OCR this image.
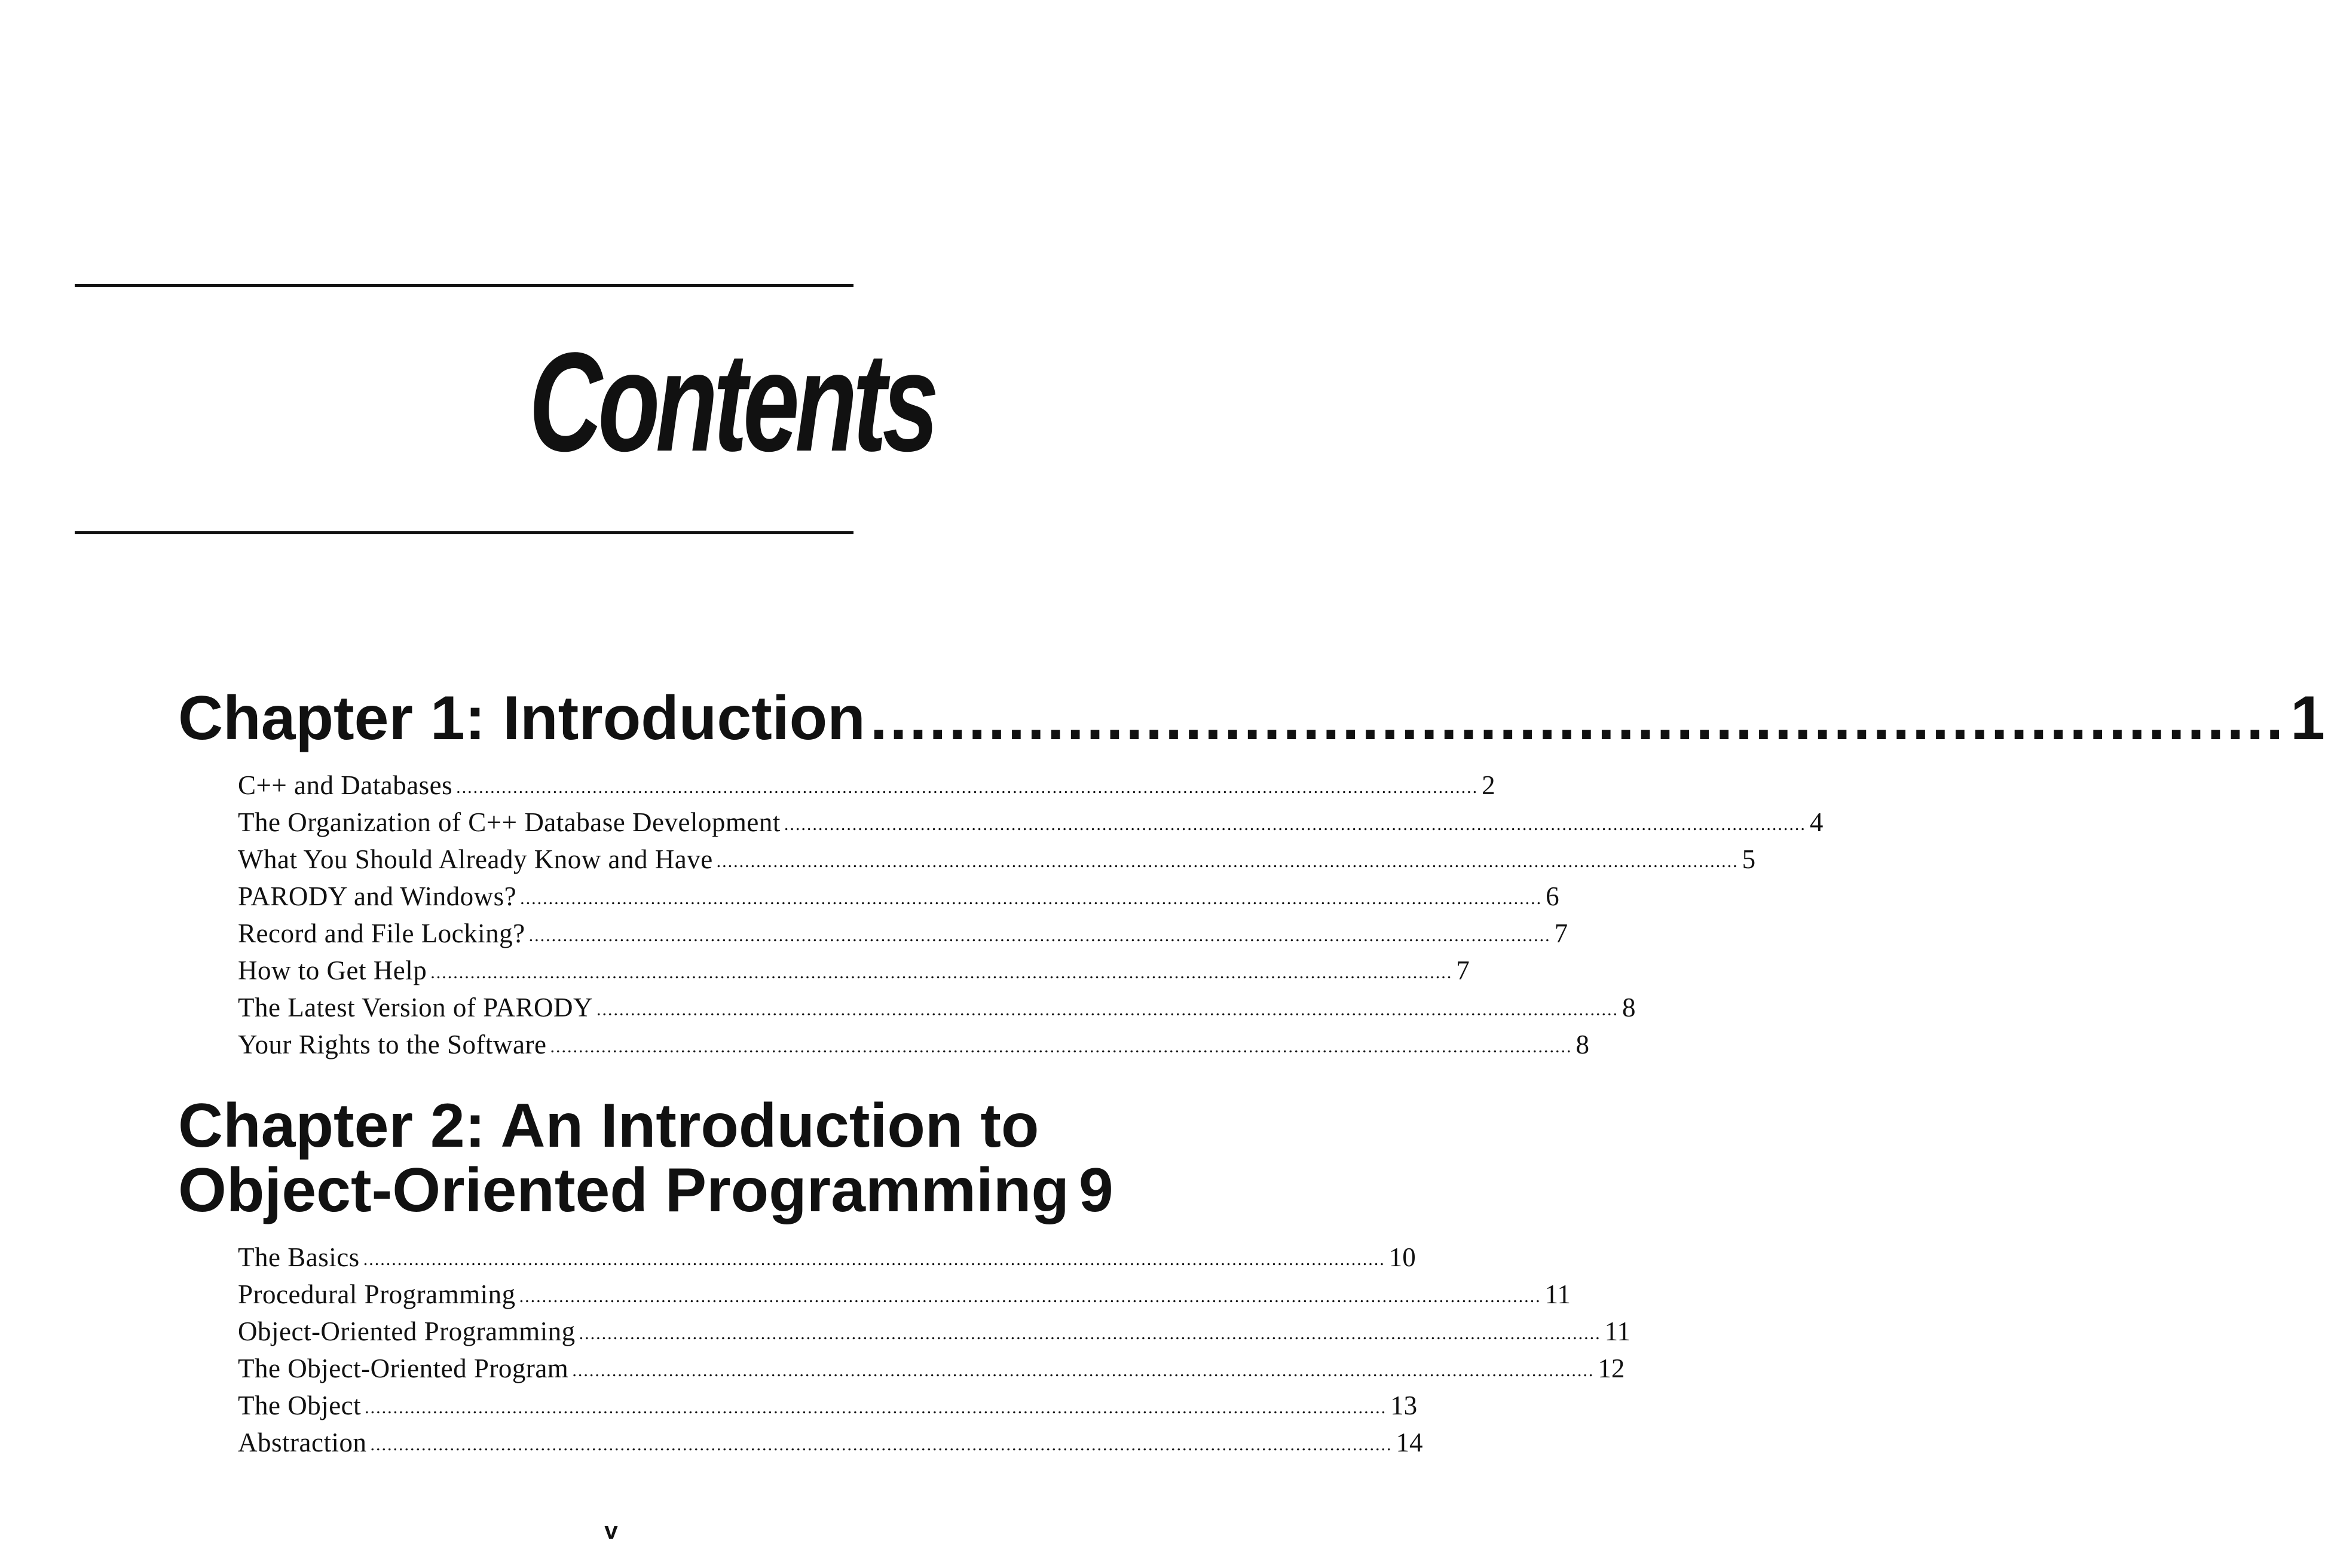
Contents
Chapter 1: Introduction ........................................................................ 1
C++ and Databases .................................................................................................................................................................................... 2
The Organization of C++ Database Development .................................................................................................................................................................................... 4
What You Should Already Know and Have .................................................................................................................................................................................... 5
PARODY and Windows? .................................................................................................................................................................................... 6
Record and File Locking? .................................................................................................................................................................................... 7
How to Get Help .................................................................................................................................................................................... 7
The Latest Version of PARODY .................................................................................................................................................................................... 8
Your Rights to the Software .................................................................................................................................................................................... 8
Chapter 2: An Introduction to
Object-Oriented Programming 9
The Basics .................................................................................................................................................................................... 10
Procedural Programming .................................................................................................................................................................................... 11
Object-Oriented Programming .................................................................................................................................................................................... 11
The Object-Oriented Program .................................................................................................................................................................................... 12
The Object .................................................................................................................................................................................... 13
Abstraction .................................................................................................................................................................................... 14
v
